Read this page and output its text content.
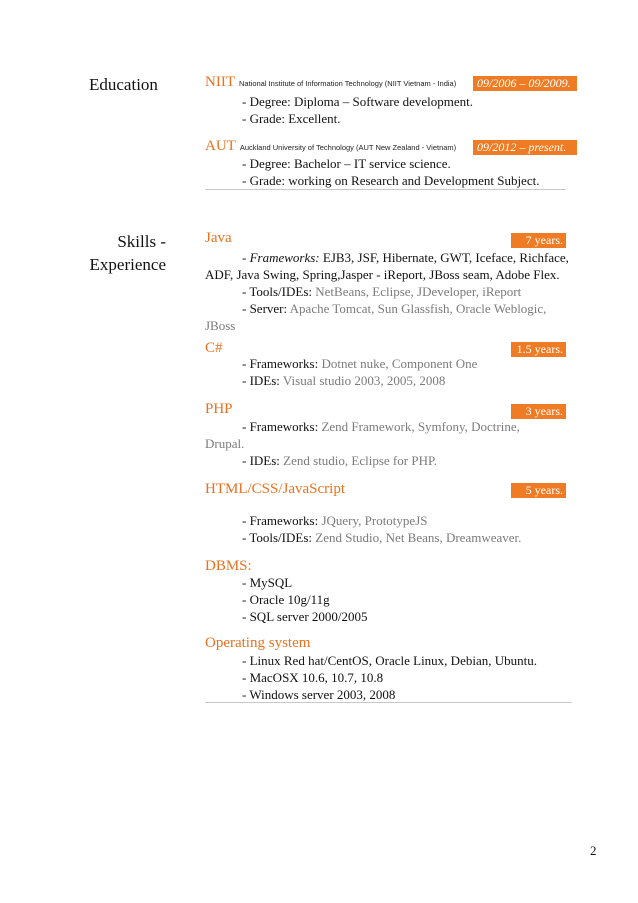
Education	NIIT National Institute of Information Technology (NIIT Vietnam - India)	09/2006 – 09/2009.
- Degree: Diploma – Software development.
- Grade: Excellent.
AUT Auckland University of Technology (AUT New Zealand - Vietnam)	09/2012 – present.
- Degree: Bachelor – IT service science.
- Grade: working on Research and Development Subject.
Skills -
Experience
Java	7 years.
- Frameworks: EJB3, JSF, Hibernate, GWT, Iceface, Richface,
ADF, Java Swing, Spring,Jasper - iReport, JBoss seam, Adobe Flex.
- Tools/IDEs: NetBeans, Eclipse, JDeveloper, iReport
- Server: Apache Tomcat, Sun Glassfish, Oracle Weblogic,
JBoss
C#	1.5 years.
- Frameworks: Dotnet nuke, Component One
- IDEs: Visual studio 2003, 2005, 2008
PHP	3 years.
- Frameworks: Zend Framework, Symfony, Doctrine,
Drupal.
- IDEs: Zend studio, Eclipse for PHP.
HTML/CSS/JavaScript	5 years.
- Frameworks: JQuery, PrototypeJS
- Tools/IDEs: Zend Studio, Net Beans, Dreamweaver.
DBMS:
- MySQL
- Oracle 10g/11g
- SQL server 2000/2005
Operating system
- Linux Red hat/CentOS, Oracle Linux, Debian, Ubuntu.
- MacOSX 10.6, 10.7, 10.8
- Windows server 2003, 2008
2
